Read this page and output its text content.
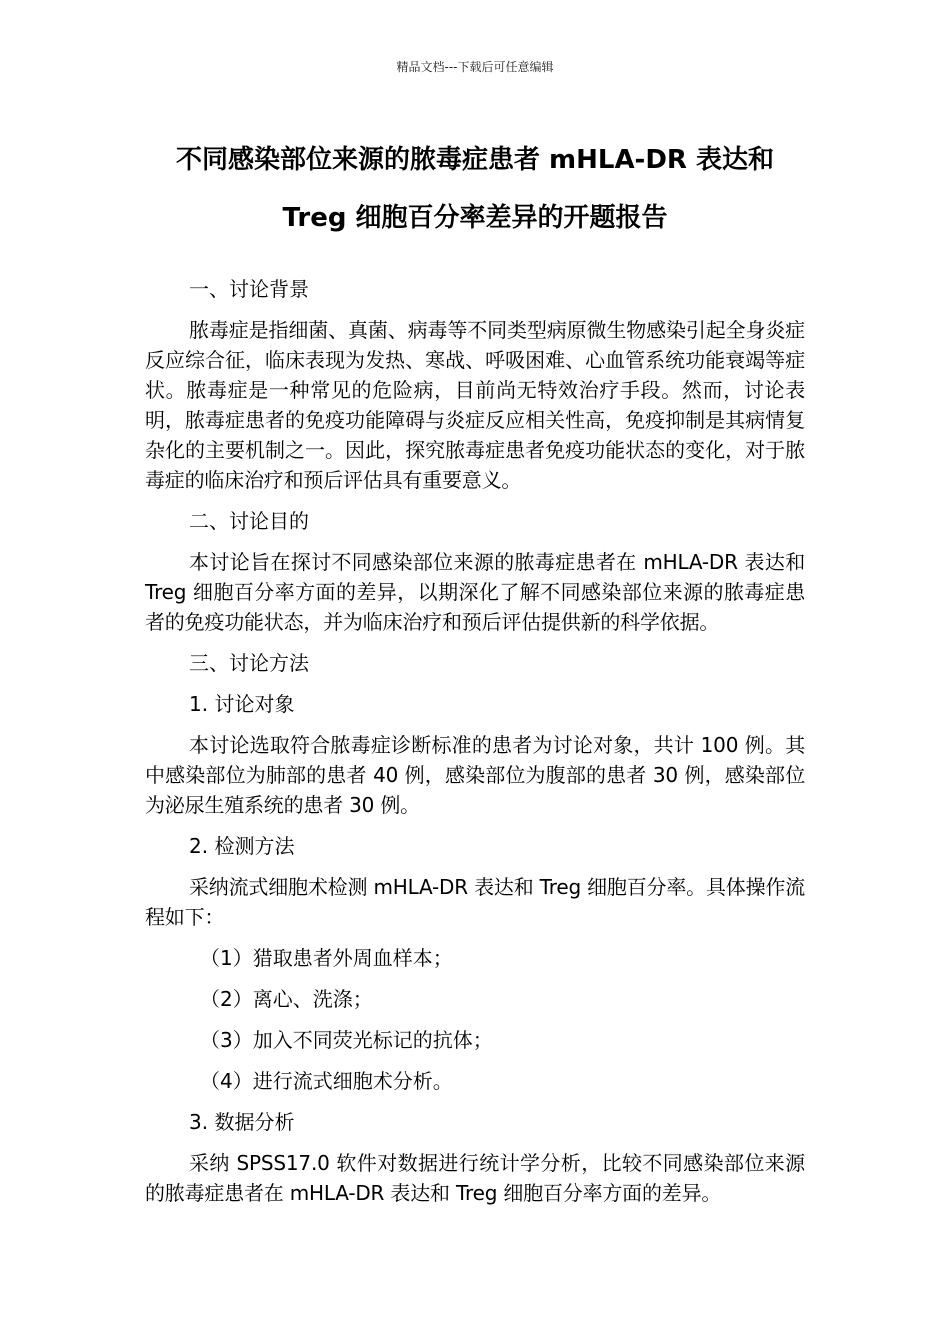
精品文档---下载后可任意编辑
不同感染部位来源的脓毒症患者 mHLA-DR 表达和
Treg 细胞百分率差异的开题报告

一、讨论背景

脓毒症是指细菌、真菌、病毒等不同类型病原微生物感染引起全身炎症反应综合征，临床表现为发热、寒战、呼吸困难、心血管系统功能衰竭等症状。脓毒症是一种常见的危险病，目前尚无特效治疗手段。然而，讨论表明，脓毒症患者的免疫功能障碍与炎症反应相关性高，免疫抑制是其病情复杂化的主要机制之一。因此，探究脓毒症患者免疫功能状态的变化，对于脓毒症的临床治疗和预后评估具有重要意义。

二、讨论目的

本讨论旨在探讨不同感染部位来源的脓毒症患者在 mHLA-DR 表达和 Treg 细胞百分率方面的差异，以期深化了解不同感染部位来源的脓毒症患者的免疫功能状态，并为临床治疗和预后评估提供新的科学依据。

三、讨论方法

1. 讨论对象

本讨论选取符合脓毒症诊断标准的患者为讨论对象，共计 100 例。其中感染部位为肺部的患者 40 例，感染部位为腹部的患者 30 例，感染部位为泌尿生殖系统的患者 30 例。

2. 检测方法

采纳流式细胞术检测 mHLA-DR 表达和 Treg 细胞百分率。具体操作流程如下：

（1）猎取患者外周血样本；

（2）离心、洗涤；

（3）加入不同荧光标记的抗体；

（4）进行流式细胞术分析。

3. 数据分析

采纳 SPSS17.0 软件对数据进行统计学分析，比较不同感染部位来源的脓毒症患者在 mHLA-DR 表达和 Treg 细胞百分率方面的差异。
